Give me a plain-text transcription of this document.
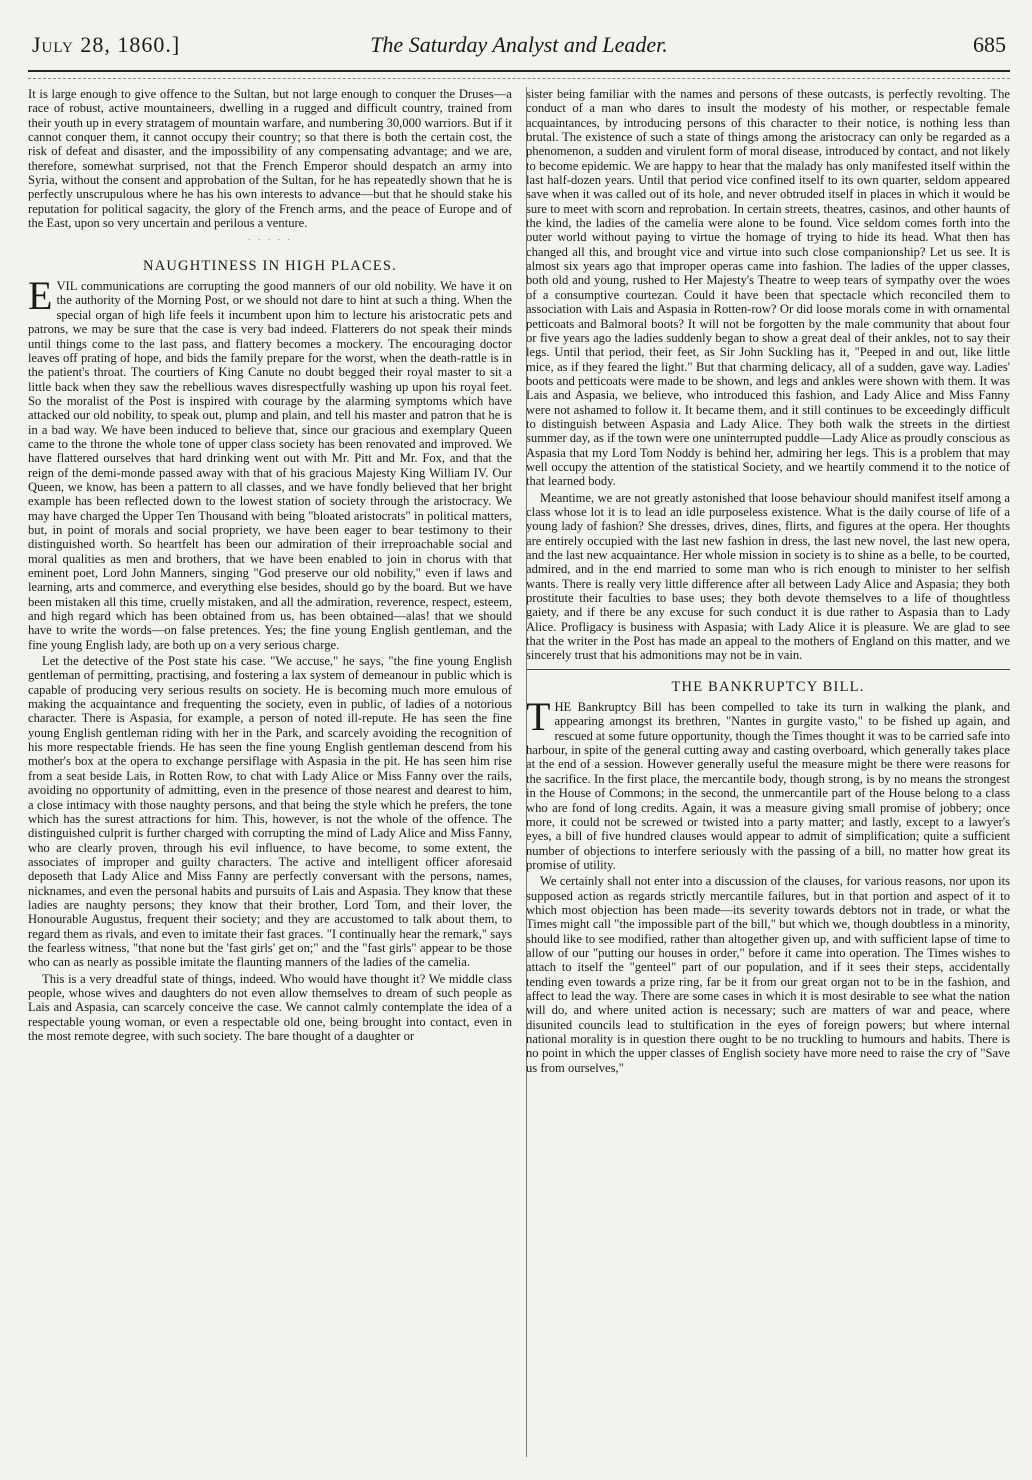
July 28, 1860.]	The Saturday Analyst and Leader.	685

It is large enough to give offence to the Sultan, but not large enough to conquer the Druses—a race of robust, active mountaineers, dwelling in a rugged and difficult country, trained from their youth up in every stratagem of mountain warfare, and numbering 30,000 warriors. But if it cannot conquer them, it cannot occupy their country; so that there is both the certain cost, the risk of defeat and disaster, and the impossibility of any compensating advantage; and we are, therefore, somewhat surprised, not that the French Emperor should despatch an army into Syria, without the consent and approbation of the Sultan, for he has repeatedly shown that he is perfectly unscrupulous where he has his own interests to advance—but that he should stake his reputation for political sagacity, the glory of the French arms, and the peace of Europe and of the East, upon so very uncertain and perilous a venture.

· · · · ·
NAUGHTINESS IN HIGH PLACES.

EVIL communications are corrupting the good manners of our old nobility. We have it on the authority of the Morning Post, or we should not dare to hint at such a thing. When the special organ of high life feels it incumbent upon him to lecture his aristocratic pets and patrons, we may be sure that the case is very bad indeed. Flatterers do not speak their minds until things come to the last pass, and flattery becomes a mockery. The encouraging doctor leaves off prating of hope, and bids the family prepare for the worst, when the death-rattle is in the patient's throat. The courtiers of King Canute no doubt begged their royal master to sit a little back when they saw the rebellious waves disrespectfully washing up upon his royal feet. So the moralist of the Post is inspired with courage by the alarming symptoms which have attacked our old nobility, to speak out, plump and plain, and tell his master and patron that he is in a bad way. We have been induced to believe that, since our gracious and exemplary Queen came to the throne the whole tone of upper class society has been renovated and improved. We have flattered ourselves that hard drinking went out with Mr. Pitt and Mr. Fox, and that the reign of the demi-monde passed away with that of his gracious Majesty King William IV. Our Queen, we know, has been a pattern to all classes, and we have fondly believed that her bright example has been reflected down to the lowest station of society through the aristocracy. We may have charged the Upper Ten Thousand with being "bloated aristocrats" in political matters, but, in point of morals and social propriety, we have been eager to bear testimony to their distinguished worth. So heartfelt has been our admiration of their irreproachable social and moral qualities as men and brothers, that we have been enabled to join in chorus with that eminent poet, Lord John Manners, singing "God preserve our old nobility," even if laws and learning, arts and commerce, and everything else besides, should go by the board. But we have been mistaken all this time, cruelly mistaken, and all the admiration, reverence, respect, esteem, and high regard which has been obtained from us, has been obtained—alas! that we should have to write the words—on false pretences. Yes; the fine young English gentleman, and the fine young English lady, are both up on a very serious charge.

Let the detective of the Post state his case. "We accuse," he says, "the fine young English gentleman of permitting, practising, and fostering a lax system of demeanour in public which is capable of producing very serious results on society. He is becoming much more emulous of making the acquaintance and frequenting the society, even in public, of ladies of a notorious character. There is Aspasia, for example, a person of noted ill-repute. He has seen the fine young English gentleman riding with her in the Park, and scarcely avoiding the recognition of his more respectable friends. He has seen the fine young English gentleman descend from his mother's box at the opera to exchange persiflage with Aspasia in the pit. He has seen him rise from a seat beside Lais, in Rotten Row, to chat with Lady Alice or Miss Fanny over the rails, avoiding no opportunity of admitting, even in the presence of those nearest and dearest to him, a close intimacy with those naughty persons, and that being the style which he prefers, the tone which has the surest attractions for him. This, however, is not the whole of the offence. The distinguished culprit is further charged with corrupting the mind of Lady Alice and Miss Fanny, who are clearly proven, through his evil influence, to have become, to some extent, the associates of improper and guilty characters. The active and intelligent officer aforesaid deposeth that Lady Alice and Miss Fanny are perfectly conversant with the persons, names, nicknames, and even the personal habits and pursuits of Lais and Aspasia. They know that these ladies are naughty persons; they know that their brother, Lord Tom, and their lover, the Honourable Augustus, frequent their society; and they are accustomed to talk about them, to regard them as rivals, and even to imitate their fast graces. "I continually hear the remark," says the fearless witness, "that none but the 'fast girls' get on;" and the "fast girls" appear to be those who can as nearly as possible imitate the flaunting manners of the ladies of the camelia.

This is a very dreadful state of things, indeed. Who would have thought it? We middle class people, whose wives and daughters do not even allow themselves to dream of such people as Lais and Aspasia, can scarcely conceive the case. We cannot calmly contemplate the idea of a respectable young woman, or even a respectable old one, being brought into contact, even in the most remote degree, with such society. The bare thought of a daughter or

sister being familiar with the names and persons of these outcasts, is perfectly revolting. The conduct of a man who dares to insult the modesty of his mother, or respectable female acquaintances, by introducing persons of this character to their notice, is nothing less than brutal. The existence of such a state of things among the aristocracy can only be regarded as a phenomenon, a sudden and virulent form of moral disease, introduced by contact, and not likely to become epidemic. We are happy to hear that the malady has only manifested itself within the last half-dozen years. Until that period vice confined itself to its own quarter, seldom appeared save when it was called out of its hole, and never obtruded itself in places in which it would be sure to meet with scorn and reprobation. In certain streets, theatres, casinos, and other haunts of the kind, the ladies of the camelia were alone to be found. Vice seldom comes forth into the outer world without paying to virtue the homage of trying to hide its head. What then has changed all this, and brought vice and virtue into such close companionship? Let us see. It is almost six years ago that improper operas came into fashion. The ladies of the upper classes, both old and young, rushed to Her Majesty's Theatre to weep tears of sympathy over the woes of a consumptive courtezan. Could it have been that spectacle which reconciled them to association with Lais and Aspasia in Rotten-row? Or did loose morals come in with ornamental petticoats and Balmoral boots? It will not be forgotten by the male community that about four or five years ago the ladies suddenly began to show a great deal of their ankles, not to say their legs. Until that period, their feet, as Sir John Suckling has it, "Peeped in and out, like little mice, as if they feared the light." But that charming delicacy, all of a sudden, gave way. Ladies' boots and petticoats were made to be shown, and legs and ankles were shown with them. It was Lais and Aspasia, we believe, who introduced this fashion, and Lady Alice and Miss Fanny were not ashamed to follow it. It became them, and it still continues to be exceedingly difficult to distinguish between Aspasia and Lady Alice. They both walk the streets in the dirtiest summer day, as if the town were one uninterrupted puddle—Lady Alice as proudly conscious as Aspasia that my Lord Tom Noddy is behind her, admiring her legs. This is a problem that may well occupy the attention of the statistical Society, and we heartily commend it to the notice of that learned body.

Meantime, we are not greatly astonished that loose behaviour should manifest itself among a class whose lot it is to lead an idle purposeless existence. What is the daily course of life of a young lady of fashion? She dresses, drives, dines, flirts, and figures at the opera. Her thoughts are entirely occupied with the last new fashion in dress, the last new novel, the last new opera, and the last new acquaintance. Her whole mission in society is to shine as a belle, to be courted, admired, and in the end married to some man who is rich enough to minister to her selfish wants. There is really very little difference after all between Lady Alice and Aspasia; they both prostitute their faculties to base uses; they both devote themselves to a life of thoughtless gaiety, and if there be any excuse for such conduct it is due rather to Aspasia than to Lady Alice. Profligacy is business with Aspasia; with Lady Alice it is pleasure. We are glad to see that the writer in the Post has made an appeal to the mothers of England on this matter, and we sincerely trust that his admonitions may not be in vain.

THE BANKRUPTCY BILL.

THE Bankruptcy Bill has been compelled to take its turn in walking the plank, and appearing amongst its brethren, "Nantes in gurgite vasto," to be fished up again, and rescued at some future opportunity, though the Times thought it was to be carried safe into harbour, in spite of the general cutting away and casting overboard, which generally takes place at the end of a session. However generally useful the measure might be there were reasons for the sacrifice. In the first place, the mercantile body, though strong, is by no means the strongest in the House of Commons; in the second, the unmercantile part of the House belong to a class who are fond of long credits. Again, it was a measure giving small promise of jobbery; once more, it could not be screwed or twisted into a party matter; and lastly, except to a lawyer's eyes, a bill of five hundred clauses would appear to admit of simplification; quite a sufficient number of objections to interfere seriously with the passing of a bill, no matter how great its promise of utility.

We certainly shall not enter into a discussion of the clauses, for various reasons, nor upon its supposed action as regards strictly mercantile failures, but in that portion and aspect of it to which most objection has been made—its severity towards debtors not in trade, or what the Times might call "the impossible part of the bill," but which we, though doubtless in a minority, should like to see modified, rather than altogether given up, and with sufficient lapse of time to allow of our "putting our houses in order," before it came into operation. The Times wishes to attach to itself the "genteel" part of our population, and if it sees their steps, accidentally tending even towards a prize ring, far be it from our great organ not to be in the fashion, and affect to lead the way. There are some cases in which it is most desirable to see what the nation will do, and where united action is necessary; such are matters of war and peace, where disunited councils lead to stultification in the eyes of foreign powers; but where internal national morality is in question there ought to be no truckling to humours and habits. There is no point in which the upper classes of English society have more need to raise the cry of "Save us from ourselves,"
